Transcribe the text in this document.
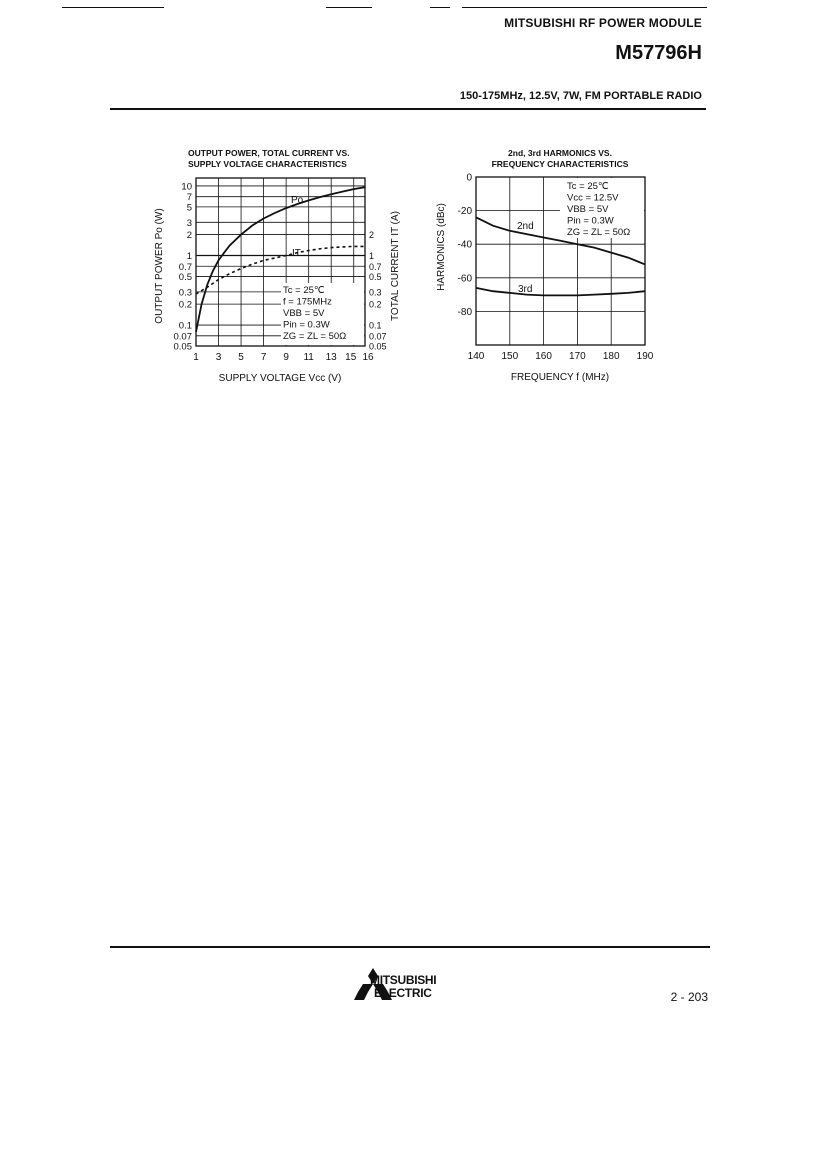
MITSUBISHI RF POWER MODULE
M57796H
150-175MHz, 12.5V, 7W, FM PORTABLE RADIO
OUTPUT POWER, TOTAL CURRENT VS.
SUPPLY VOLTAGE CHARACTERISTICS
2nd, 3rd HARMONICS VS.
FREQUENCY CHARACTERISTICS
1 3 5 7 9 11 13 15 16
10
7
5
3
2
1
0.7
0.5
0.3
0.2
0.1
0.07
0.05
2
1
0.7
0.5
0.3
0.2
0.1
0.07
0.05
Tc = 25℃
f = 175MHz
VBB = 5V
Pin = 0.3W
ZG = ZL = 50Ω
Po
IT
SUPPLY VOLTAGE Vcc (V)
OUTPUT POWER Po (W)	TOTAL CURRENT IT (A)
140 150 160 170 180 190
0
-20
-40
-60
-80
Tc = 25℃
Vcc = 12.5V
VBB = 5V
Pin = 0.3W
ZG = ZL = 50Ω
2nd
3rd
FREQUENCY f (MHz)
HARMONICS (dBc)
MITSUBISHI
ELECTRIC	2 - 203
